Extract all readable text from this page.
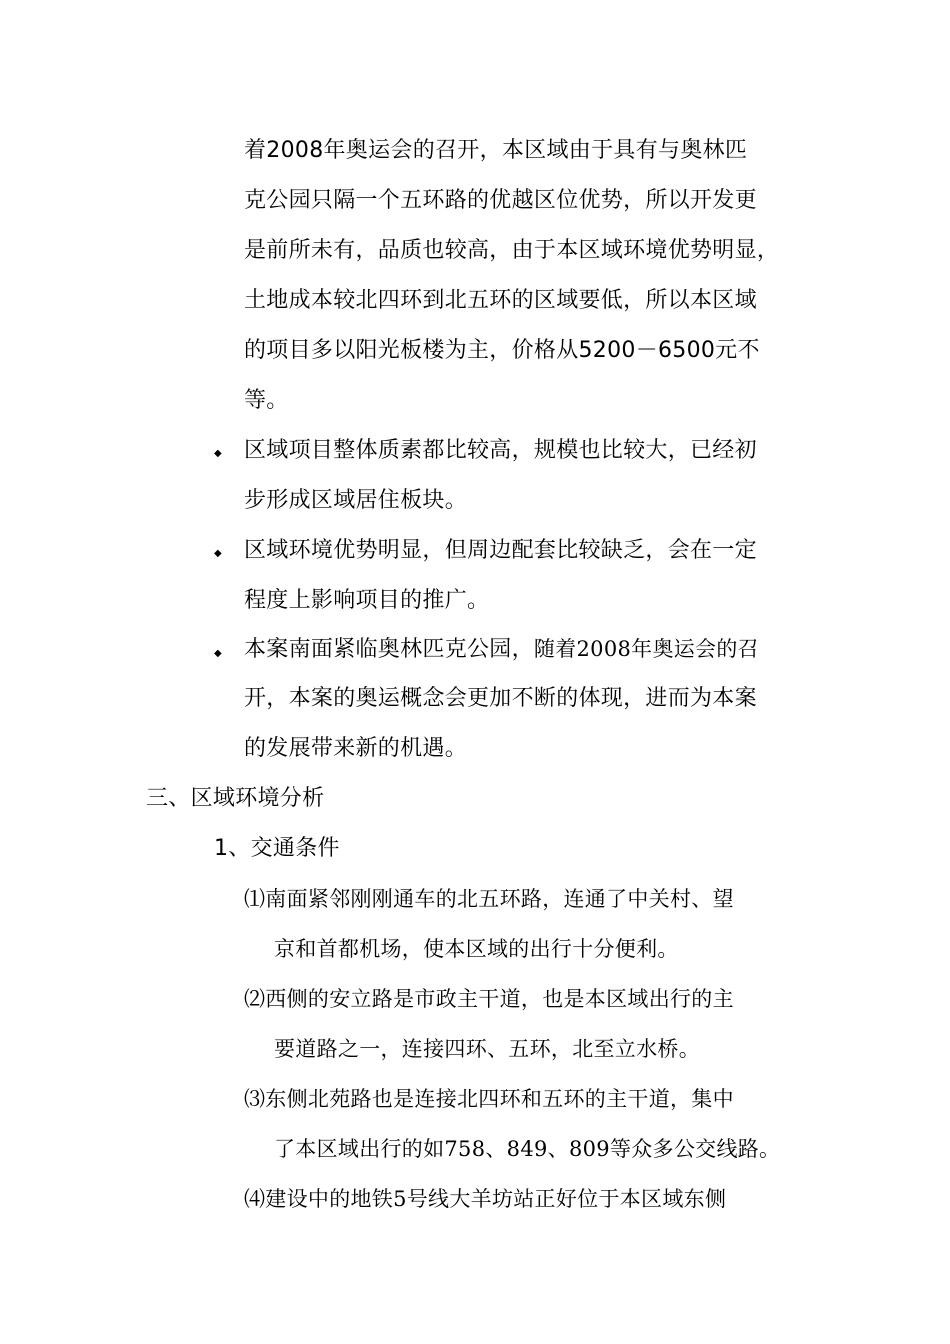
着2008年奥运会的召开，本区域由于具有与奥林匹
克公园只隔一个五环路的优越区位优势，所以开发更
是前所未有，品质也较高，由于本区域环境优势明显，
土地成本较北四环到北五环的区域要低，所以本区域
的项目多以阳光板楼为主，价格从5200－6500元不
等。
◆ 区域项目整体质素都比较高，规模也比较大，已经初
步形成区域居住板块。
◆ 区域环境优势明显，但周边配套比较缺乏，会在一定
程度上影响项目的推广。
◆ 本案南面紧临奥林匹克公园，随着2008年奥运会的召
开，本案的奥运概念会更加不断的体现，进而为本案
的发展带来新的机遇。
三、区域环境分析
1、交通条件
⑴南面紧邻刚刚通车的北五环路，连通了中关村、望
京和首都机场，使本区域的出行十分便利。
⑵西侧的安立路是市政主干道，也是本区域出行的主
要道路之一，连接四环、五环，北至立水桥。
⑶东侧北苑路也是连接北四环和五环的主干道，集中
了本区域出行的如758、849、809等众多公交线路。
⑷建设中的地铁5号线大羊坊站正好位于本区域东侧
